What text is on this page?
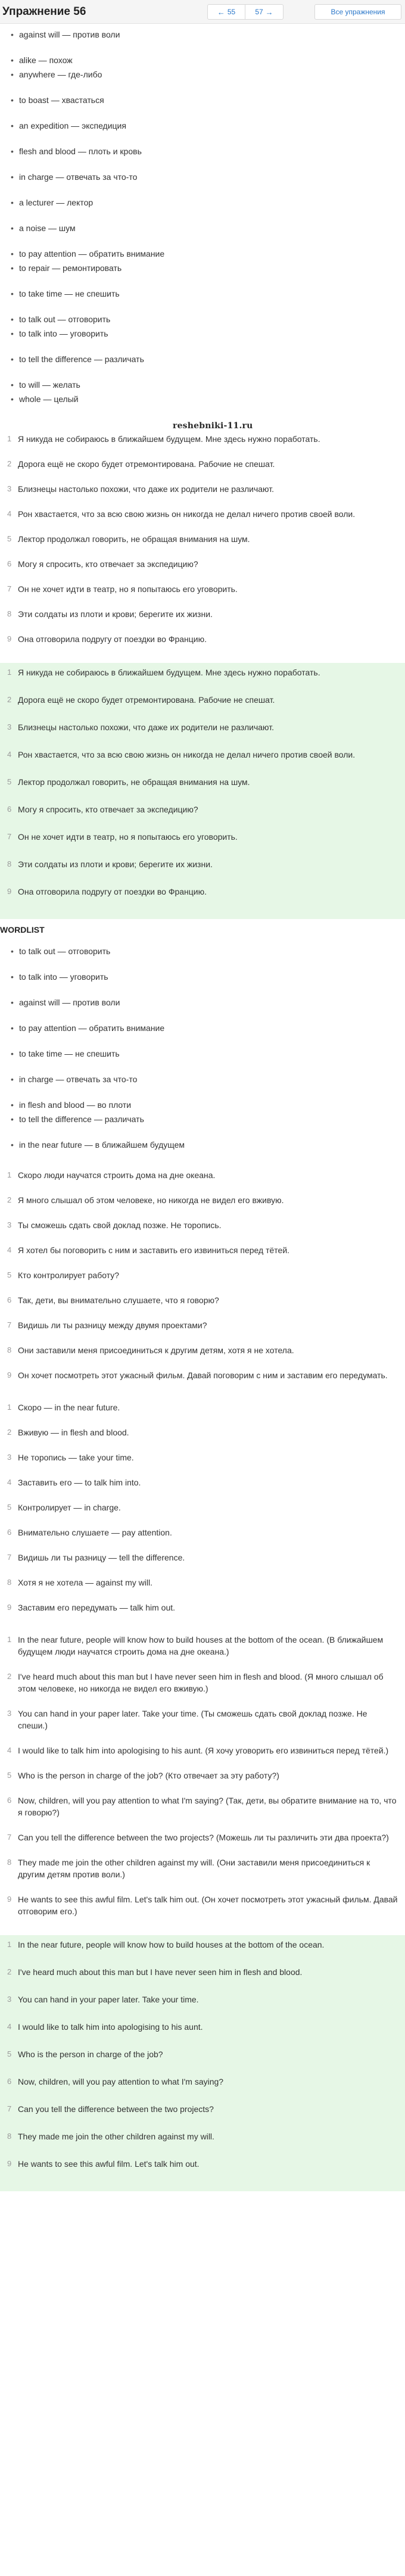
Упражнение 56	← 55	57 →	Все упражнения
• against will — против воли
• alike — похож
• anywhere — где-либо
• to boast — хвастаться
• an expedition — экспедиция
• flesh and blood — плоть и кровь
• in charge — отвечать за что-то
• a lecturer — лектор
• a noise — шум
• to pay attention — обратить внимание
• to repair — ремонтировать
• to take time — не спешить
• to talk out — отговорить
• to talk into — уговорить
• to tell the difference — различать
• to will — желать
• whole — целый
reshebniki-11.ru
1 Я никуда не собираюсь в ближайшем будущем. Мне здесь нужно поработать.
2 Дорога ещё не скоро будет отремонтирована. Рабочие не спешат.
3 Близнецы настолько похожи, что даже их родители не различают.
4 Рон хвастается, что за всю свою жизнь он никогда не делал ничего против своей воли.
5 Лектор продолжал говорить, не обращая внимания на шум.
6 Могу я спросить, кто отвечает за экспедицию?
7 Он не хочет идти в театр, но я попытаюсь его уговорить.
8 Эти солдаты из плоти и крови; берегите их жизни.
9 Она отговорила подругу от поездки во Францию.
1 Я никуда не собираюсь в ближайшем будущем. Мне здесь нужно поработать.
2 Дорога ещё не скоро будет отремонтирована. Рабочие не спешат.
3 Близнецы настолько похожи, что даже их родители не различают.
4 Рон хвастается, что за всю свою жизнь он никогда не делал ничего против своей воли.
5 Лектор продолжал говорить, не обращая внимания на шум.
6 Могу я спросить, кто отвечает за экспедицию?
7 Он не хочет идти в театр, но я попытаюсь его уговорить.
8 Эти солдаты из плоти и крови; берегите их жизни.
9 Она отговорила подругу от поездки во Францию.
WORDLIST
• to talk out — отговорить
• to talk into — уговорить
• against will — против воли
• to pay attention — обратить внимание
• to take time — не спешить
• in charge — отвечать за что-то
• in flesh and blood — во плоти
• to tell the difference — различать
• in the near future — в ближайшем будущем
1 Скоро люди научатся строить дома на дне океана.
2 Я много слышал об этом человеке, но никогда не видел его вживую.
3 Ты сможешь сдать свой доклад позже. Не торопись.
4 Я хотел бы поговорить с ним и заставить его извиниться перед тётей.
5 Кто контролирует работу?
6 Так, дети, вы внимательно слушаете, что я говорю?
7 Видишь ли ты разницу между двумя проектами?
8 Они заставили меня присоединиться к другим детям, хотя я не хотела.
9 Он хочет посмотреть этот ужасный фильм. Давай поговорим с ним и заставим его передумать.
1 Скоро — in the near future.
2 Вживую — in flesh and blood.
3 Не торопись — take your time.
4 Заставить его — to talk him into.
5 Контролирует — in charge.
6 Внимательно слушаете — pay attention.
7 Видишь ли ты разницу — tell the difference.
8 Хотя я не хотела — against my will.
9 Заставим его передумать — talk him out.
1 In the near future, people will know how to build houses at the bottom of the ocean. (В ближайшем будущем люди научатся строить дома на дне океана.)
2 I've heard much about this man but I have never seen him in flesh and blood. (Я много слышал об этом человеке, но никогда не видел его вживую.)
3 You can hand in your paper later. Take your time. (Ты сможешь сдать свой доклад позже. Не спеши.)
4 I would like to talk him into apologising to his aunt. (Я хочу уговорить его извиниться перед тётей.)
5 Who is the person in charge of the job? (Кто отвечает за эту работу?)
6 Now, children, will you pay attention to what I'm saying? (Так, дети, вы обратите внимание на то, что я говорю?)
7 Can you tell the difference between the two projects? (Можешь ли ты различить эти два проекта?)
8 They made me join the other children against my will. (Они заставили меня присоединиться к другим детям против воли.)
9 He wants to see this awful film. Let's talk him out. (Он хочет посмотреть этот ужасный фильм. Давай отговорим его.)
1 In the near future, people will know how to build houses at the bottom of the ocean.
2 I've heard much about this man but I have never seen him in flesh and blood.
3 You can hand in your paper later. Take your time.
4 I would like to talk him into apologising to his aunt.
5 Who is the person in charge of the job?
6 Now, children, will you pay attention to what I'm saying?
7 Can you tell the difference between the two projects?
8 They made me join the other children against my will.
9 He wants to see this awful film. Let's talk him out.
